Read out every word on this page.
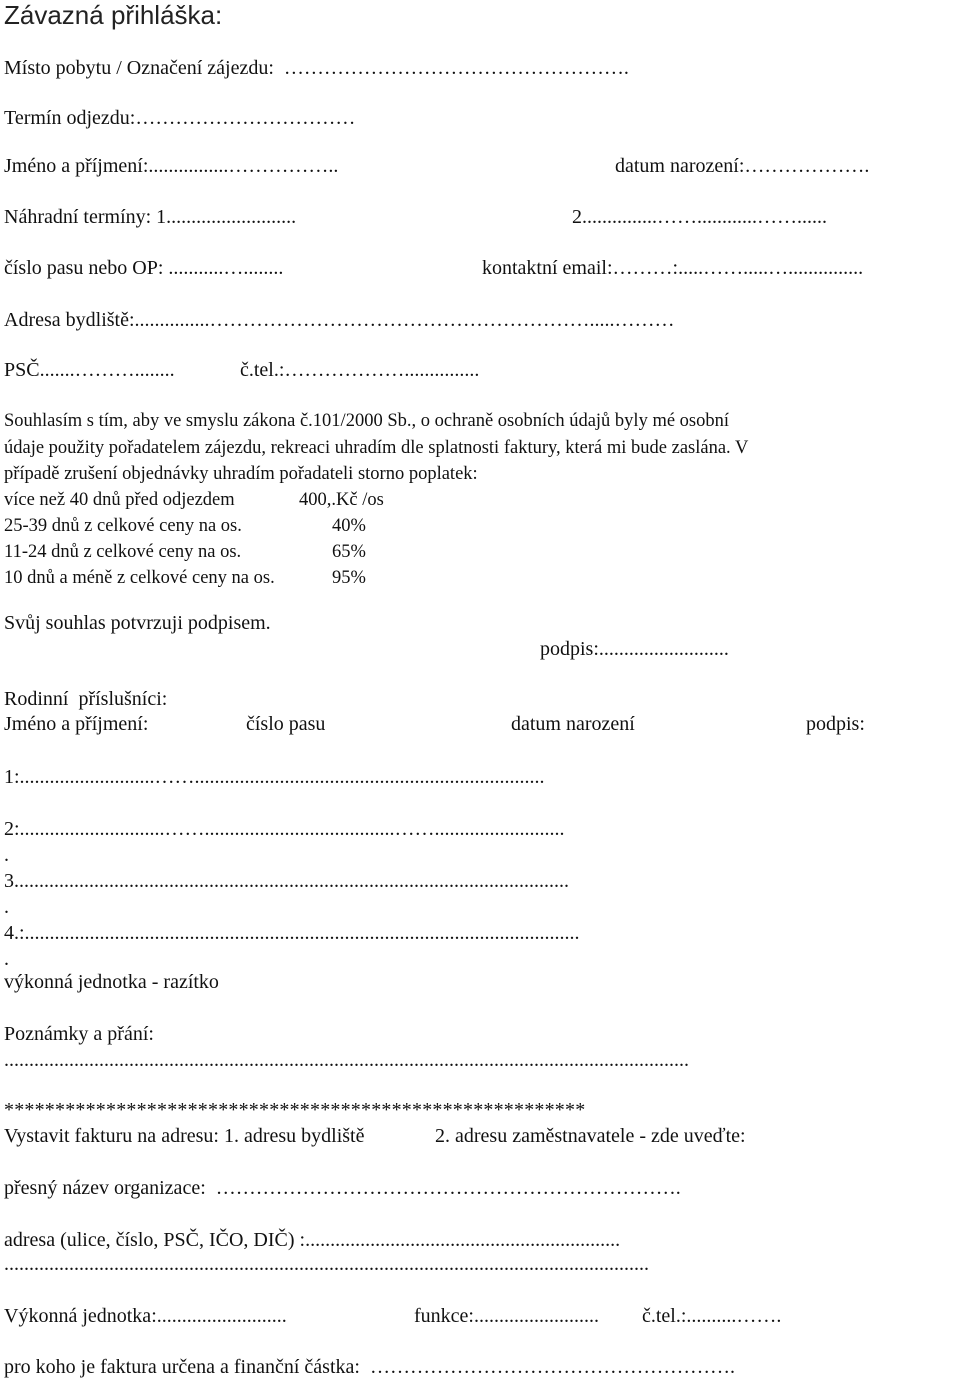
Závazná přihláška:
Místo pobytu / Označení zájezdu:  …………………………………………….
Termín odjezdu:……………………………
Jméno a příjmení:................……………..	datum narození:……………….
Náhradní termíny: 1..........................	2...............……............……......
číslo pasu nebo OP: ...........…........	kontaktní email:………:.....…….....…...............
Adresa bydliště:...............………………………………………………….....………
PSČ.......………........	č.tel.:………………...............
Souhlasím s tím, aby ve smyslu zákona č.101/2000 Sb., o ochraně osobních údajů byly mé osobní
údaje použity pořadatelem zájezdu, rekreaci uhradím dle splatnosti faktury, která mi bude zaslána. V
případě zrušení objednávky uhradím pořadateli storno poplatek:
více než 40 dnů před odjezdem	400,.Kč /os
25-39 dnů z celkové ceny na os.	40%
11-24 dnů z celkové ceny na os.	65%
10 dnů a méně z celkové ceny na os.	95%
Svůj souhlas potvrzuji podpisem.
podpis:..........................
Rodinní  příslušníci:
Jméno a příjmení:	číslo pasu	datum narození	podpis:
1:...........................……......................................................................
2:.............................……......................................……..........................
.
3...............................................................................................................
.
4.:...............................................................................................................
.
výkonná jednotka - razítko
Poznámky a přání:
.........................................................................................................................................
*********************************************************
Vystavit fakturu na adresu: 1. adresu bydliště	2. adresu zaměstnavatele - zde uveďte:
přesný název organizace:  …………………………………………………………….
adresa (ulice, číslo, PSČ, IČO, DIČ) :...............................................................
.................................................................................................................................
Výkonná jednotka:..........................	funkce:......................... č.tel.:..........…….
pro koho je faktura určena a finanční částka:  ……………………………………………….
